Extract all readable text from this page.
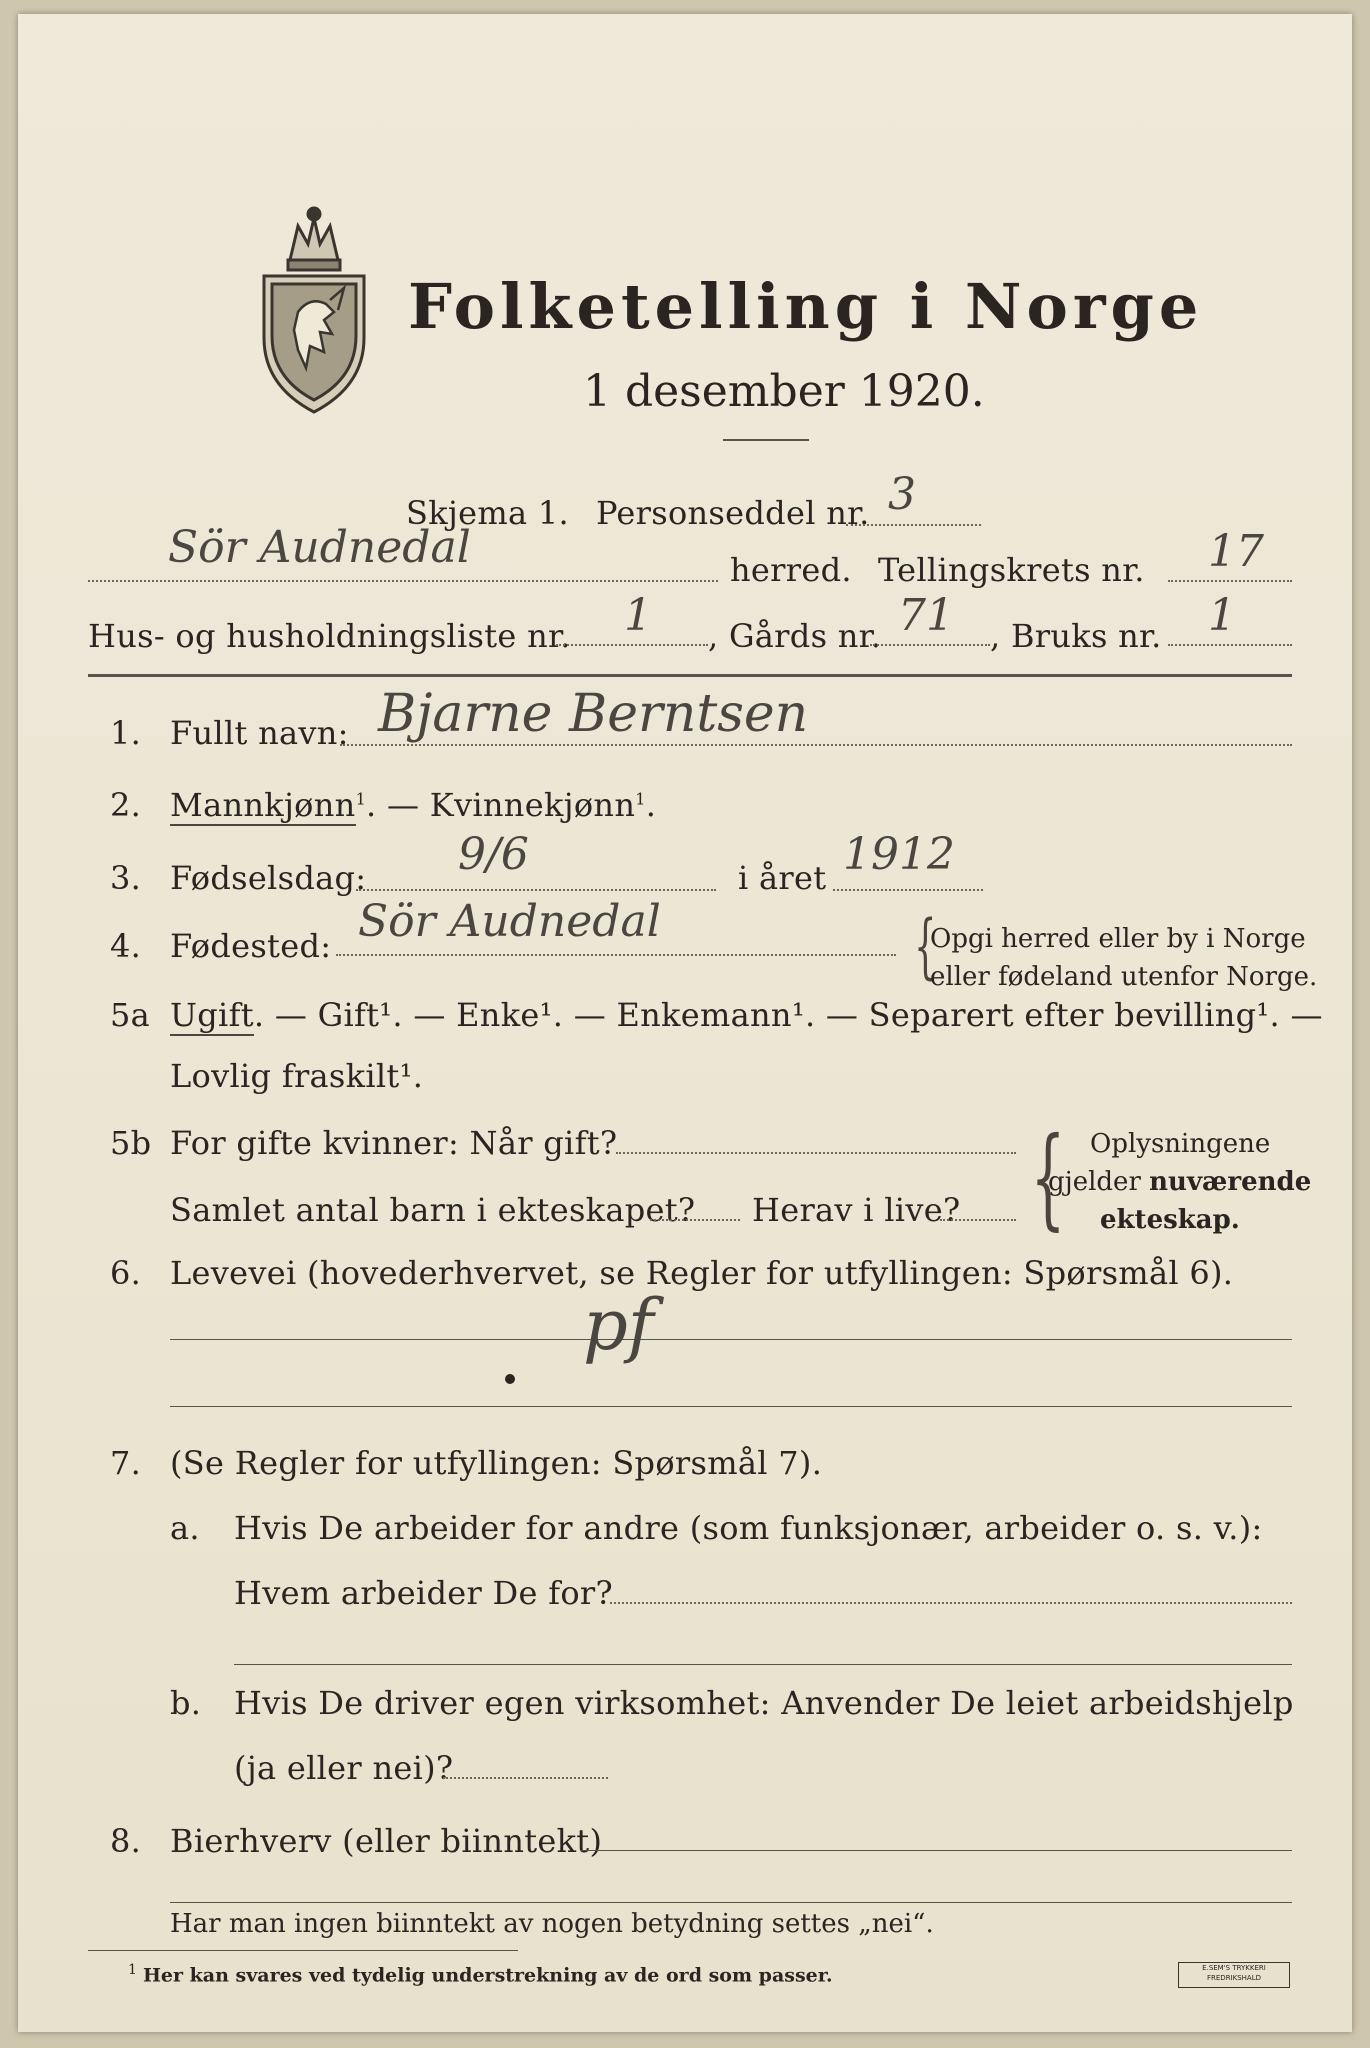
Folketelling i Norge
1 desember 1920.
Skjema 1. Personseddel nr. 3
Sör Audnedal	herred. Tellingskrets nr. 17
Hus- og husholdningsliste nr. 1 , Gårds nr. 71 , Bruks nr. 1
1. Fullt navn: Bjarne Berntsen
2. Mannkjønn$^1$. — Kvinnekjønn$^1$.
3. Fødselsdag: 9/6	i året 1912
4. Fødested: Sör Audnedal	{
Opgi herred eller by i Norge
eller fødeland utenfor Norge.
5a Ugift. — Gift¹. — Enke¹. — Enkemann¹. — Separert efter bevilling¹. —
Lovlig fraskilt¹.
5b For gifte kvinner: Når gift?
Samlet antal barn i ekteskapet? Herav i live? { Oplysningene
gjelder nuværende
ekteskap.
6. Levevei (hovederhvervet, se Regler for utfyllingen: Spørsmål 6).
pf
7. (Se Regler for utfyllingen: Spørsmål 7).
a. Hvis De arbeider for andre (som funksjonær, arbeider o. s. v.):
Hvem arbeider De for?
b. Hvis De driver egen virksomhet: Anvender De leiet arbeidshjelp
(ja eller nei)?
8. Bierhverv (eller biinntekt)
Har man ingen biinntekt av nogen betydning settes „nei“.
$^1$ Her kan svares ved tydelig understrekning av de ord som passer.	E.SEM'S TRYKKERI
FREDRIKSHALD
